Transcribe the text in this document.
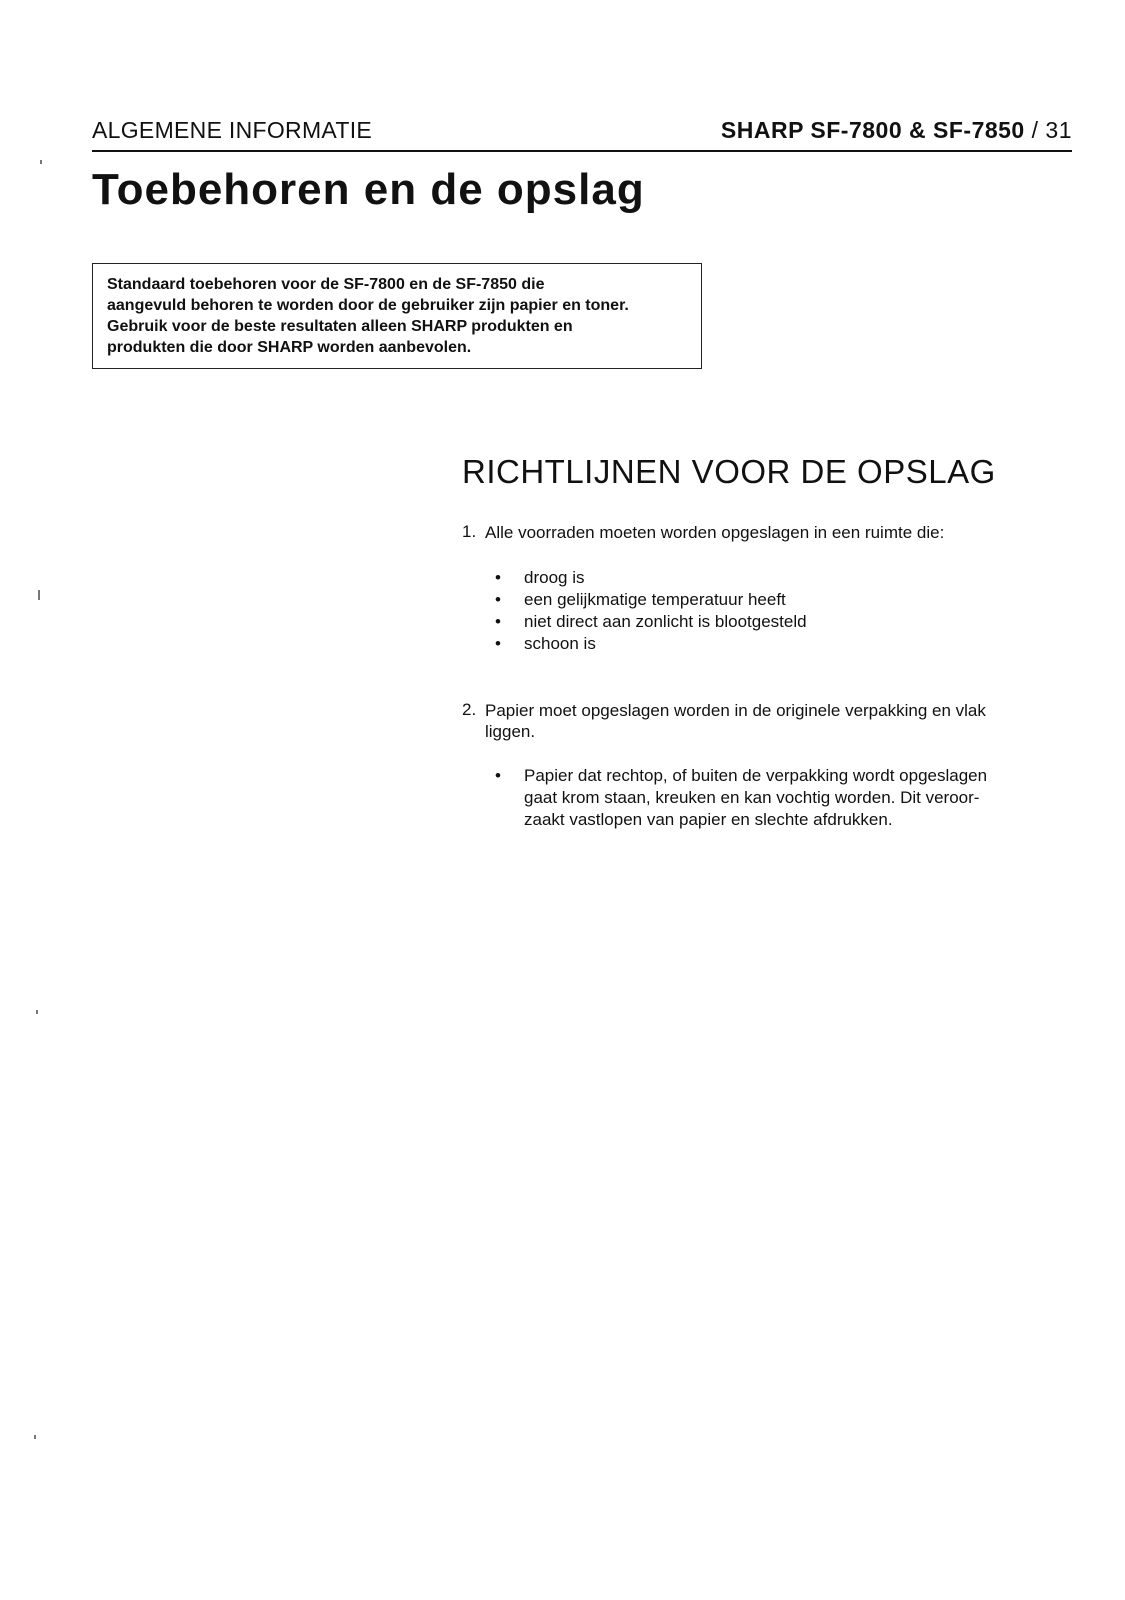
ALGEMENE INFORMATIE	SHARP SF-7800 & SF-7850 / 31
Toebehoren en de opslag
Standaard toebehoren voor de SF-7800 en de SF-7850 die
aangevuld behoren te worden door de gebruiker zijn papier en toner.
Gebruik voor de beste resultaten alleen SHARP produkten en
produkten die door SHARP worden aanbevolen.
RICHTLIJNEN VOOR DE OPSLAG
1. Alle voorraden moeten worden opgeslagen in een ruimte die:
• droog is
• een gelijkmatige temperatuur heeft
• niet direct aan zonlicht is blootgesteld
• schoon is
2. Papier moet opgeslagen worden in de originele verpakking en vlak
liggen.
• Papier dat rechtop, of buiten de verpakking wordt opgeslagen
gaat krom staan, kreuken en kan vochtig worden. Dit veroor-
zaakt vastlopen van papier en slechte afdrukken.
